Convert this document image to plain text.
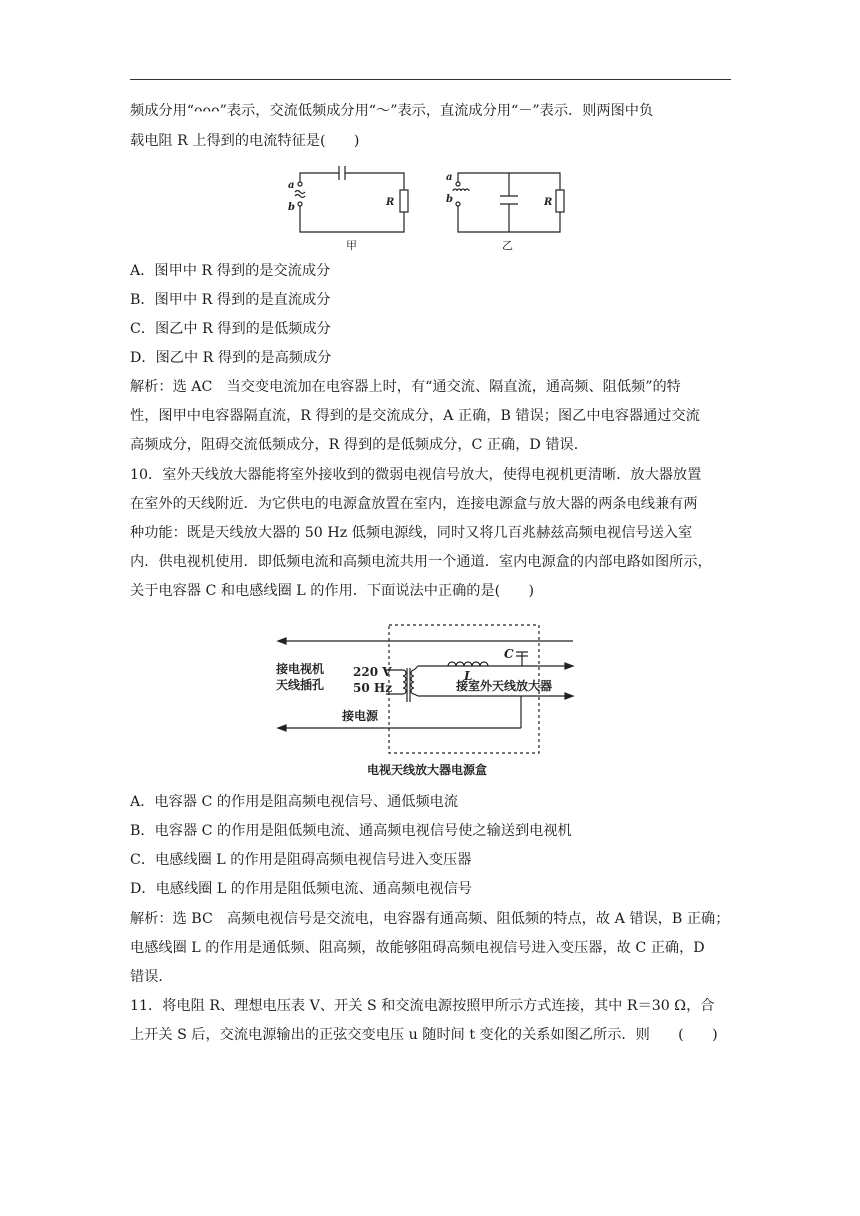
频成分用“ᴖᴖᴖ”表示，交流低频成分用“～”表示，直流成分用“－”表示．则两图中负
载电阻 R 上得到的电流特征是(　　)
a
b	R
a
b	R
甲	乙
A．图甲中 R 得到的是交流成分
B．图甲中 R 得到的是直流成分
C．图乙中 R 得到的是低频成分
D．图乙中 R 得到的是高频成分
解析：选 AC　当交变电流加在电容器上时，有“通交流、隔直流，通高频、阻低频”的特
性，图甲中电容器隔直流，R 得到的是交流成分，A 正确，B 错误；图乙中电容器通过交流
高频成分，阻碍交流低频成分，R 得到的是低频成分，C 正确，D 错误．
10．室外天线放大器能将室外接收到的微弱电视信号放大，使得电视机更清晰．放大器放置
在室外的天线附近．为它供电的电源盒放置在室内，连接电源盒与放大器的两条电线兼有两
种功能：既是天线放大器的 50 Hz 低频电源线，同时又将几百兆赫兹高频电视信号送入室
内．供电视机使用．即低频电流和高频电流共用一个通道．室内电源盒的内部电路如图所示，
关于电容器 C 和电感线圈 L 的作用．下面说法中正确的是(　　)
接电视机
天线插孔
220 V
50 Hz
接电源
接室外天线放大器
电视天线放大器电源盒
C
L
A．电容器 C 的作用是阻高频电视信号、通低频电流
B．电容器 C 的作用是阻低频电流、通高频电视信号使之输送到电视机
C．电感线圈 L 的作用是阻碍高频电视信号进入变压器
D．电感线圈 L 的作用是阻低频电流、通高频电视信号
解析：选 BC　高频电视信号是交流电，电容器有通高频、阻低频的特点，故 A 错误，B 正确；
电感线圈 L 的作用是通低频、阻高频，故能够阻碍高频电视信号进入变压器，故 C 正确，D
错误．
11．将电阻 R、理想电压表 V、开关 S 和交流电源按照甲所示方式连接，其中 R＝30 Ω，合
上开关 S 后，交流电源输出的正弦交变电压 u 随时间 t 变化的关系如图乙所示．则　　(　　)
